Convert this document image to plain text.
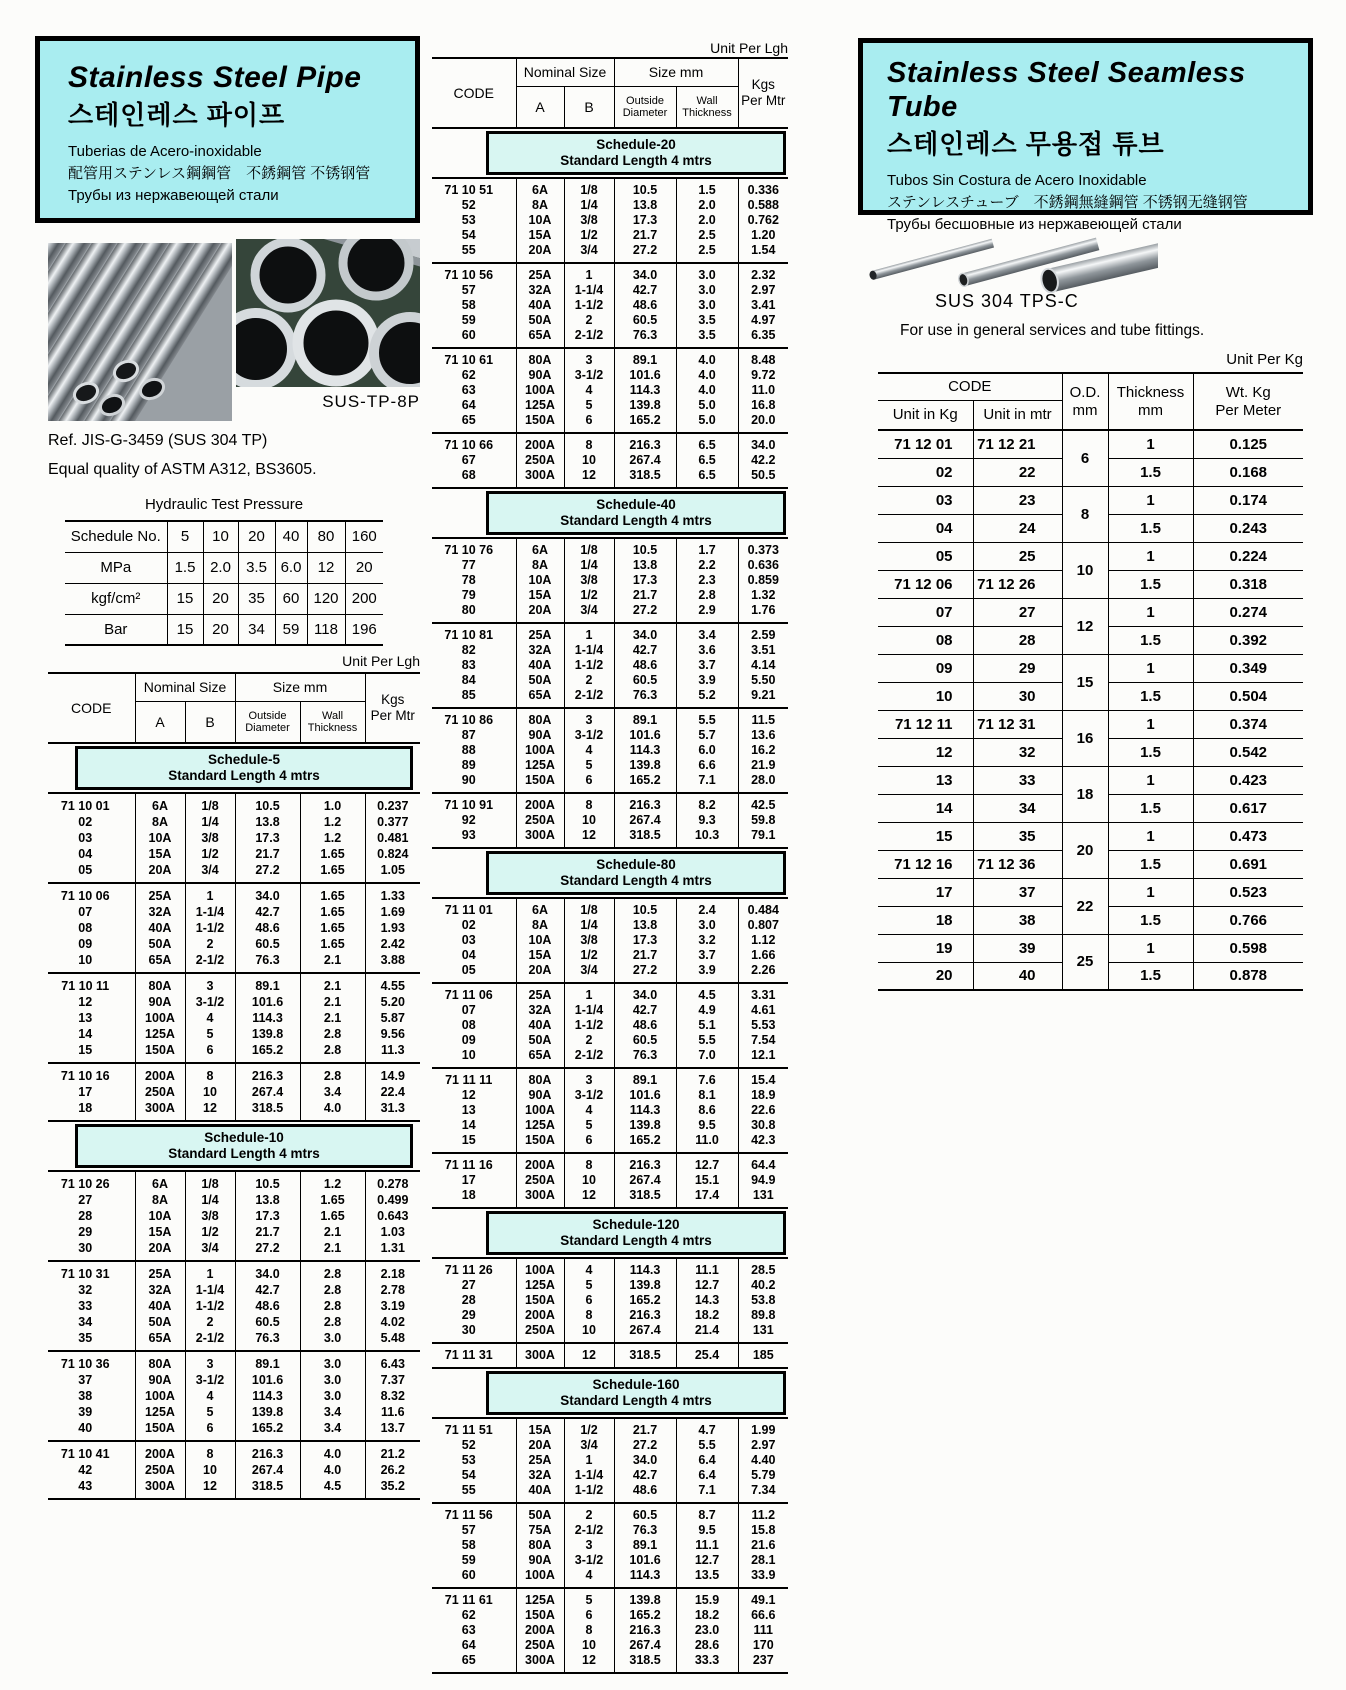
Stainless Steel Pipe
스테인레스 파이프
Tuberias de Acero-inoxidable
配管用ステンレス鋼鋼管　不銹鋼管 不锈钢管
Трубы из нержавеющей стали
SUS-TP-8P
Ref. JIS-G-3459 (SUS 304 TP)
Equal quality of ASTM A312, BS3605.
Hydraulic Test Pressure
Schedule No.	5	10	20	40	80	160
MPa	1.5	2.0	3.5	6.0	12	20
kgf/cm²	15	20	35	60	120	200
Bar	15	20	34	59	118	196
Unit Per Lgh
CODE	Nominal Size		Size mm		Kgs
Per Mtr

	A	B	Outside
Diameter	Wall
Thickness	

Schedule-5
Standard Length 4 mtrs					

71 10 01	6A	1/8	10.5	1.0	0.237
02	8A	1/4	13.8	1.2	0.377
03	10A	3/8	17.3	1.2	0.481
04	15A	1/2	21.7	1.65	0.824
05	20A	3/4	27.2	1.65	1.05
71 10 06	25A	1	34.0	1.65	1.33
07	32A	1-1/4	42.7	1.65	1.69
08	40A	1-1/2	48.6	1.65	1.93
09	50A	2	60.5	1.65	2.42
10	65A	2-1/2	76.3	2.1	3.88
71 10 11	80A	3	89.1	2.1	4.55
12	90A	3-1/2	101.6	2.1	5.20
13	100A	4	114.3	2.1	5.87
14	125A	5	139.8	2.8	9.56
15	150A	6	165.2	2.8	11.3
71 10 16	200A	8	216.3	2.8	14.9
17	250A	10	267.4	3.4	22.4
18	300A	12	318.5	4.0	31.3

Schedule-10
Standard Length 4 mtrs					

71 10 26	6A	1/8	10.5	1.2	0.278
27	8A	1/4	13.8	1.65	0.499
28	10A	3/8	17.3	1.65	0.643
29	15A	1/2	21.7	2.1	1.03
30	20A	3/4	27.2	2.1	1.31
71 10 31	25A	1	34.0	2.8	2.18
32	32A	1-1/4	42.7	2.8	2.78
33	40A	1-1/2	48.6	2.8	3.19
34	50A	2	60.5	2.8	4.02
35	65A	2-1/2	76.3	3.0	5.48
71 10 36	80A	3	89.1	3.0	6.43
37	90A	3-1/2	101.6	3.0	7.37
38	100A	4	114.3	3.0	8.32
39	125A	5	139.8	3.4	11.6
40	150A	6	165.2	3.4	13.7
71 10 41	200A	8	216.3	4.0	21.2
42	250A	10	267.4	4.0	26.2
43	300A	12	318.5	4.5	35.2
Unit Per Lgh
CODE	Nominal Size		Size mm		Kgs
Per Mtr

	A	B	Outside
Diameter	Wall
Thickness	

Schedule-20
Standard Length 4 mtrs					

71 10 51	6A	1/8	10.5	1.5	0.336
52	8A	1/4	13.8	2.0	0.588
53	10A	3/8	17.3	2.0	0.762
54	15A	1/2	21.7	2.5	1.20
55	20A	3/4	27.2	2.5	1.54
71 10 56	25A	1	34.0	3.0	2.32
57	32A	1-1/4	42.7	3.0	2.97
58	40A	1-1/2	48.6	3.0	3.41
59	50A	2	60.5	3.5	4.97
60	65A	2-1/2	76.3	3.5	6.35
71 10 61	80A	3	89.1	4.0	8.48
62	90A	3-1/2	101.6	4.0	9.72
63	100A	4	114.3	4.0	11.0
64	125A	5	139.8	5.0	16.8
65	150A	6	165.2	5.0	20.0
71 10 66	200A	8	216.3	6.5	34.0
67	250A	10	267.4	6.5	42.2
68	300A	12	318.5	6.5	50.5

Schedule-40
Standard Length 4 mtrs					

71 10 76	6A	1/8	10.5	1.7	0.373
77	8A	1/4	13.8	2.2	0.636
78	10A	3/8	17.3	2.3	0.859
79	15A	1/2	21.7	2.8	1.32
80	20A	3/4	27.2	2.9	1.76
71 10 81	25A	1	34.0	3.4	2.59
82	32A	1-1/4	42.7	3.6	3.51
83	40A	1-1/2	48.6	3.7	4.14
84	50A	2	60.5	3.9	5.50
85	65A	2-1/2	76.3	5.2	9.21
71 10 86	80A	3	89.1	5.5	11.5
87	90A	3-1/2	101.6	5.7	13.6
88	100A	4	114.3	6.0	16.2
89	125A	5	139.8	6.6	21.9
90	150A	6	165.2	7.1	28.0
71 10 91	200A	8	216.3	8.2	42.5
92	250A	10	267.4	9.3	59.8
93	300A	12	318.5	10.3	79.1

Schedule-80
Standard Length 4 mtrs					

71 11 01	6A	1/8	10.5	2.4	0.484
02	8A	1/4	13.8	3.0	0.807
03	10A	3/8	17.3	3.2	1.12
04	15A	1/2	21.7	3.7	1.66
05	20A	3/4	27.2	3.9	2.26
71 11 06	25A	1	34.0	4.5	3.31
07	32A	1-1/4	42.7	4.9	4.61
08	40A	1-1/2	48.6	5.1	5.53
09	50A	2	60.5	5.5	7.54
10	65A	2-1/2	76.3	7.0	12.1
71 11 11	80A	3	89.1	7.6	15.4
12	90A	3-1/2	101.6	8.1	18.9
13	100A	4	114.3	8.6	22.6
14	125A	5	139.8	9.5	30.8
15	150A	6	165.2	11.0	42.3
71 11 16	200A	8	216.3	12.7	64.4
17	250A	10	267.4	15.1	94.9
18	300A	12	318.5	17.4	131

Schedule-120
Standard Length 4 mtrs					

71 11 26	100A	4	114.3	11.1	28.5
27	125A	5	139.8	12.7	40.2
28	150A	6	165.2	14.3	53.8
29	200A	8	216.3	18.2	89.8
30	250A	10	267.4	21.4	131
71 11 31	300A	12	318.5	25.4	185

Schedule-160
Standard Length 4 mtrs					

71 11 51	15A	1/2	21.7	4.7	1.99
52	20A	3/4	27.2	5.5	2.97
53	25A	1	34.0	6.4	4.40
54	32A	1-1/4	42.7	6.4	5.79
55	40A	1-1/2	48.6	7.1	7.34
71 11 56	50A	2	60.5	8.7	11.2
57	75A	2-1/2	76.3	9.5	15.8
58	80A	3	89.1	11.1	21.6
59	90A	3-1/2	101.6	12.7	28.1
60	100A	4	114.3	13.5	33.9
71 11 61	125A	5	139.8	15.9	49.1
62	150A	6	165.2	18.2	66.6
63	200A	8	216.3	23.0	111
64	250A	10	267.4	28.6	170
65	300A	12	318.5	33.3	237
Stainless Steel Seamless Tube
스테인레스 무용접 튜브
Tubos Sin Costura de Acero Inoxidable
ステンレスチューブ　不銹鋼無縫鋼管 不锈钢无缝钢管
Трубы бесшовные из нержавеющей стали
SUS 304 TPS-C
For use in general services and tube fittings.
Unit Per Kg
CODE		O.D.
mm	Thickness
mm	Wt. Kg
Per Meter

Unit in Kg	Unit in mtr			
71 12 01	71 12 21	6	1	0.125
02	22		1.5	0.168
03	23	8	1	0.174
04	24		1.5	0.243
05	25	10	1	0.224
71 12 06	71 12 26		1.5	0.318
07	27	12	1	0.274
08	28		1.5	0.392
09	29	15	1	0.349
10	30		1.5	0.504
71 12 11	71 12 31	16	1	0.374
12	32		1.5	0.542
13	33	18	1	0.423
14	34		1.5	0.617
15	35	20	1	0.473
71 12 16	71 12 36		1.5	0.691
17	37	22	1	0.523
18	38		1.5	0.766
19	39	25	1	0.598
20	40		1.5	0.878
